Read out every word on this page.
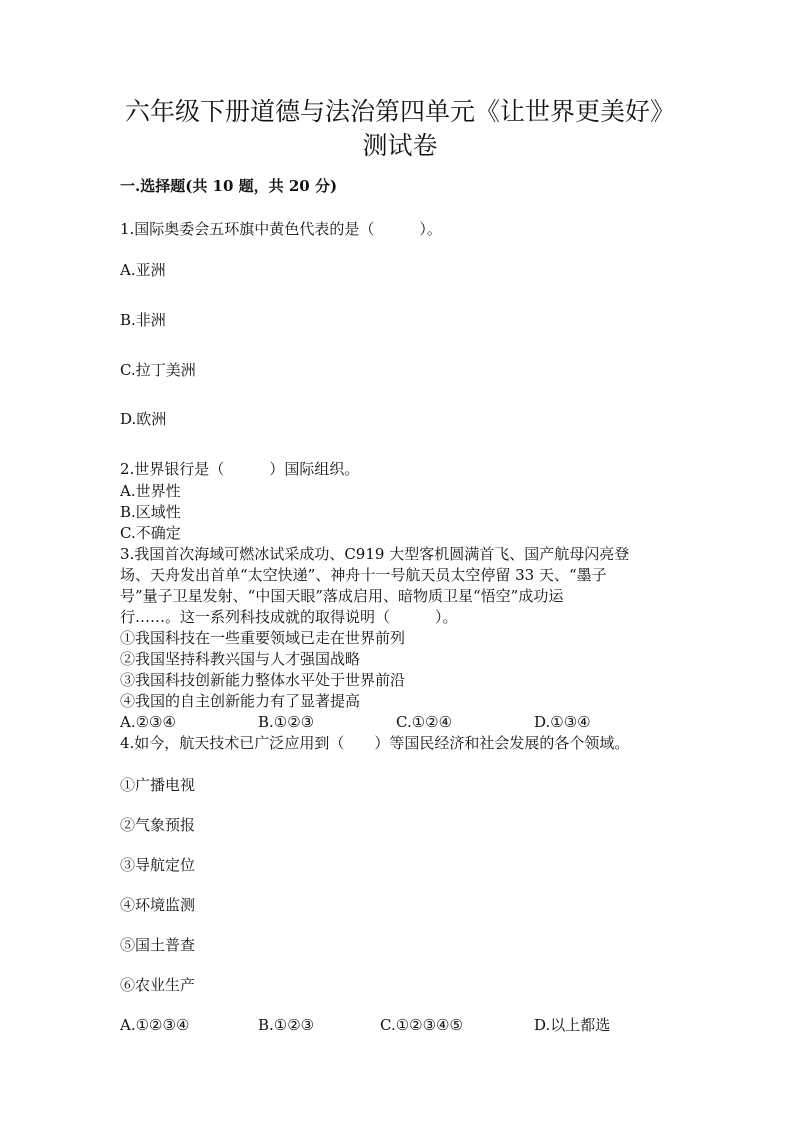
六年级下册道德与法治第四单元《让世界更美好》
测试卷
一.选择题(共 10 题，共 20 分)
1.国际奥委会五环旗中黄色代表的是（　　　）。
A.亚洲
B.非洲
C.拉丁美洲
D.欧洲
2.世界银行是（　　　）国际组织。
A.世界性
B.区域性
C.不确定
3.我国首次海域可燃冰试采成功、C919 大型客机圆满首飞、国产航母闪亮登
场、天舟发出首单“太空快递”、神舟十一号航天员太空停留 33 天、“墨子
号”量子卫星发射、“中国天眼”落成启用、暗物质卫星“悟空”成功运
行……。这一系列科技成就的取得说明（　　　）。
①我国科技在一些重要领域已走在世界前列
②我国坚持科教兴国与人才强国战略
③我国科技创新能力整体水平处于世界前沿
④我国的自主创新能力有了显著提高
A.②③④	B.①②③	C.①②④	D.①③④
4.如今，航天技术已广泛应用到（　　）等国民经济和社会发展的各个领域。
①广播电视
②气象预报
③导航定位
④环境监测
⑤国土普查
⑥农业生产
A.①②③④	B.①②③	C.①②③④⑤	D.以上都选
